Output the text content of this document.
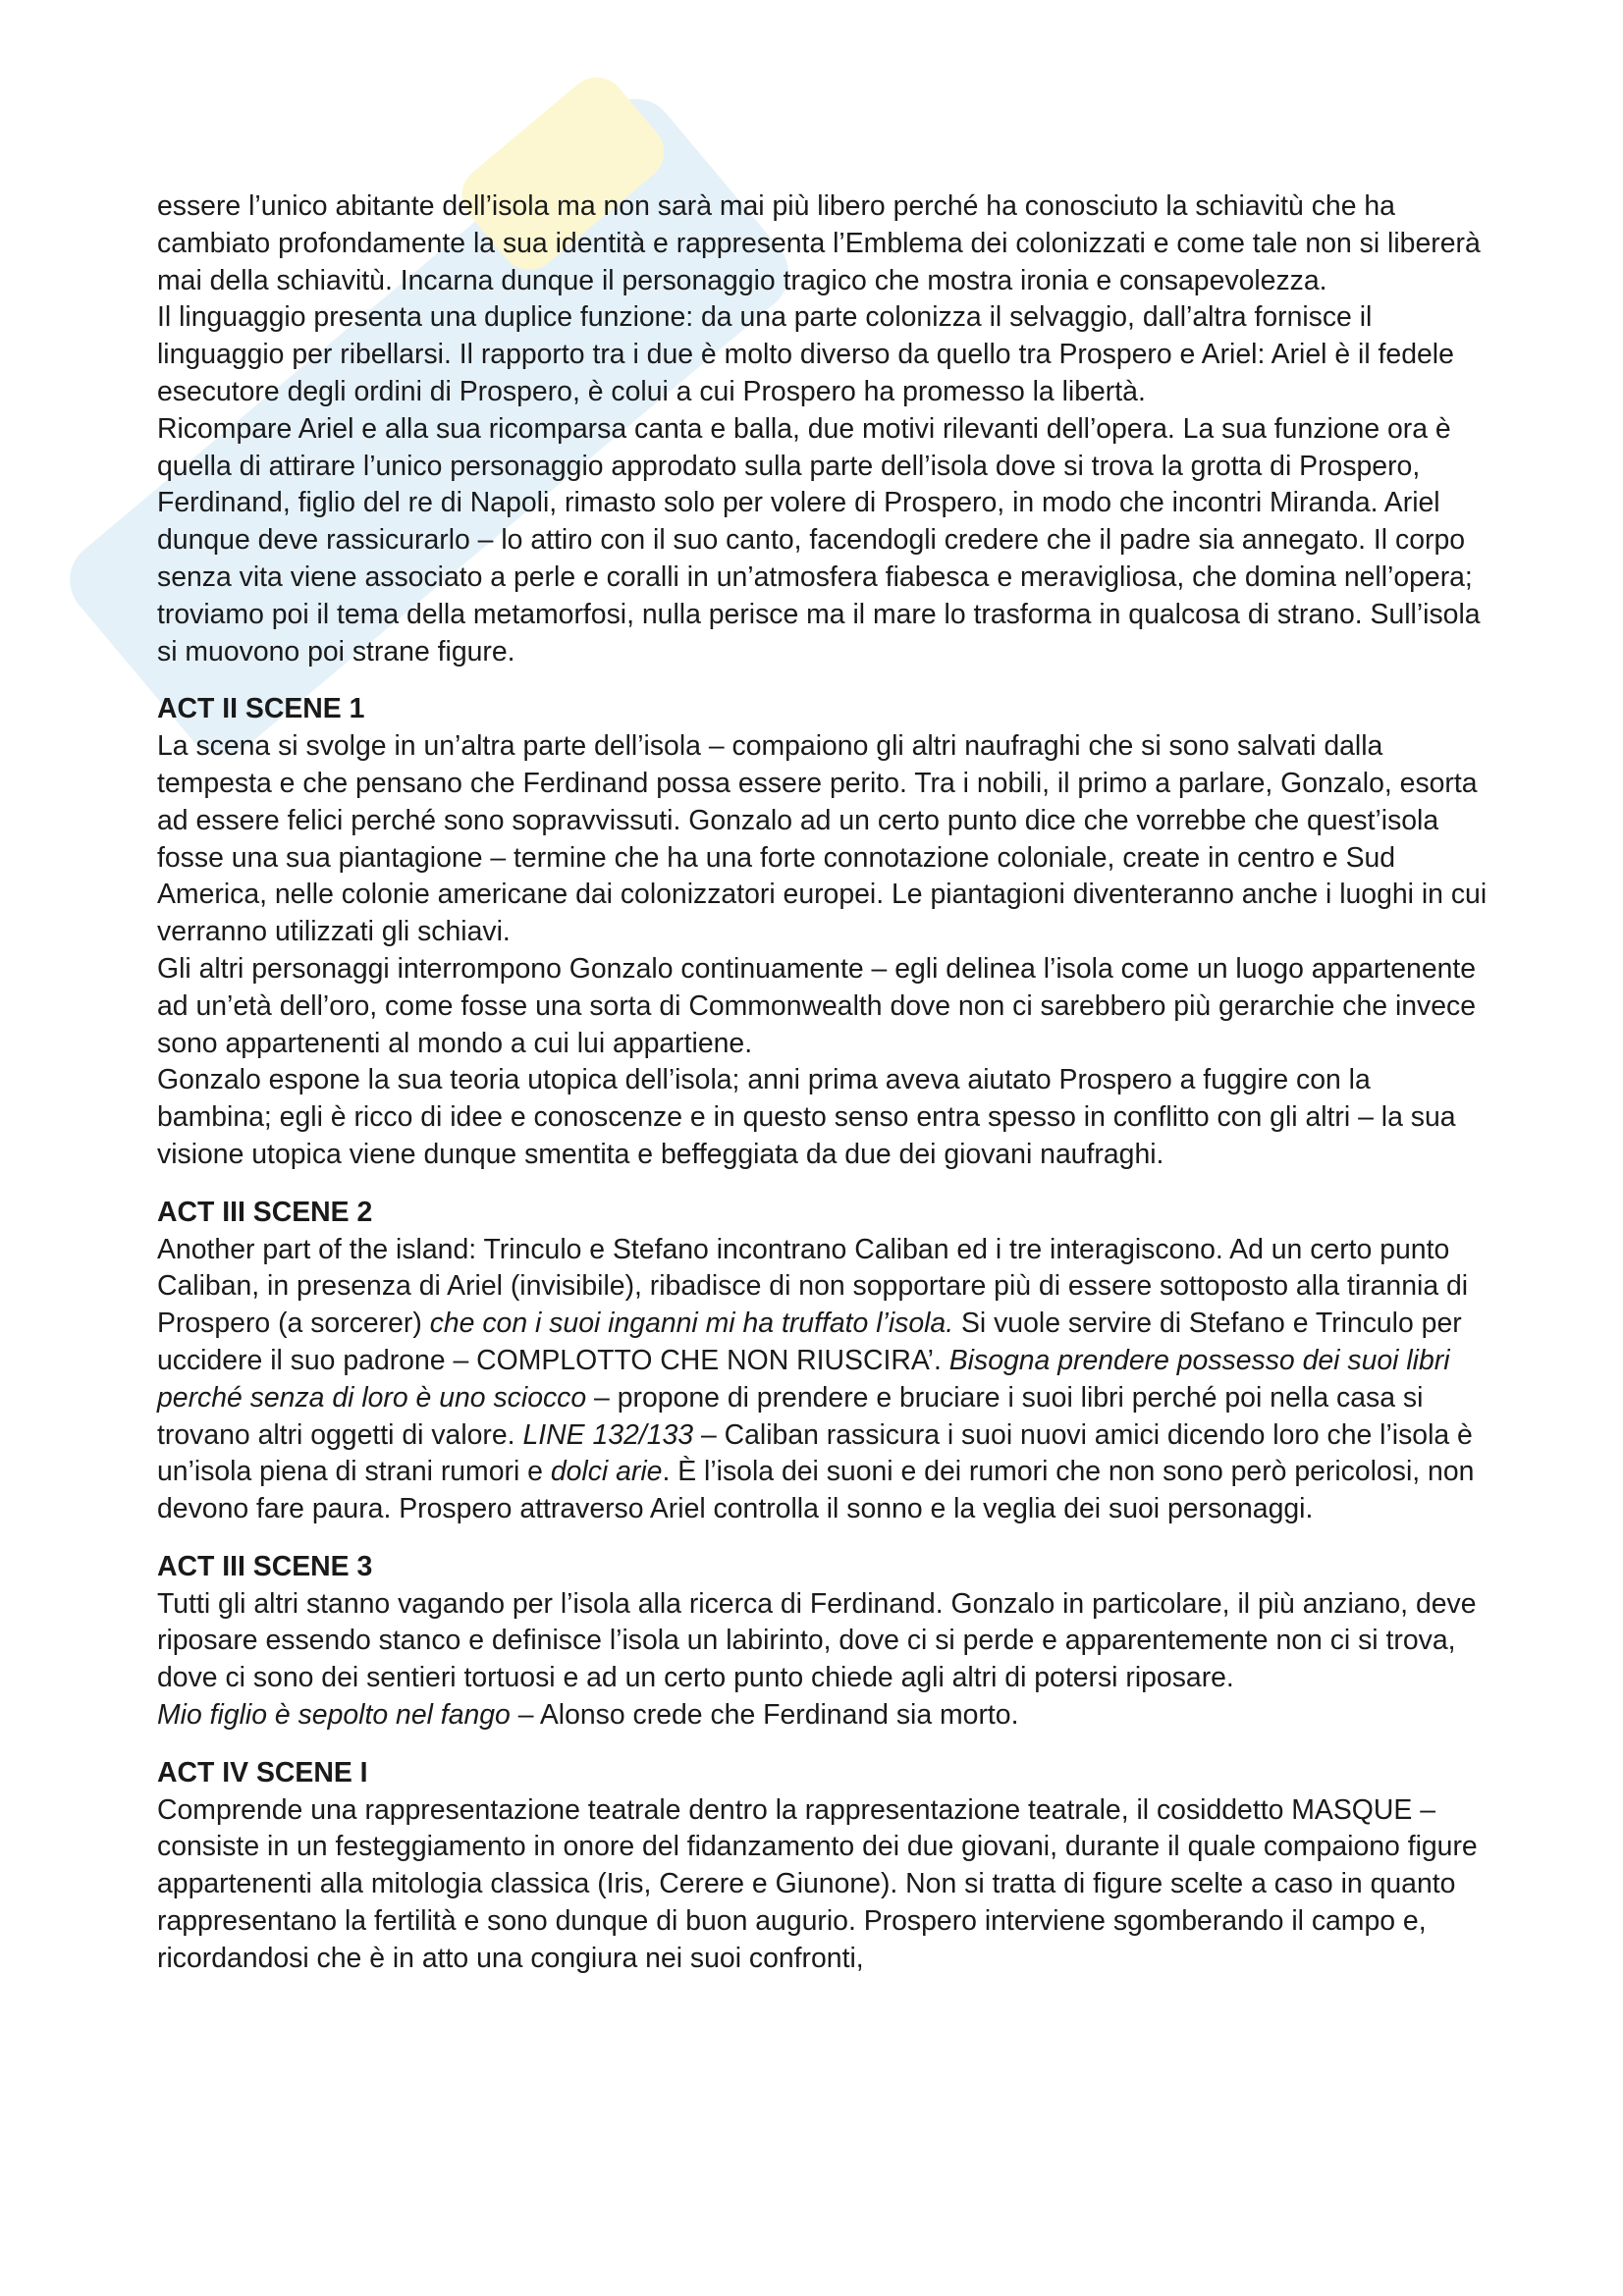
essere l’unico abitante dell’isola ma non sarà mai più libero perché ha conosciuto la schiavitù che ha cambiato profondamente la sua identità e rappresenta l’Emblema dei colonizzati e come tale non si libererà mai della schiavitù. Incarna dunque il personaggio tragico che mostra ironia e consapevolezza.

Il linguaggio presenta una duplice funzione: da una parte colonizza il selvaggio, dall’altra fornisce il linguaggio per ribellarsi. Il rapporto tra i due è molto diverso da quello tra Prospero e Ariel: Ariel è il fedele esecutore degli ordini di Prospero, è colui a cui Prospero ha promesso la libertà.

Ricompare Ariel e alla sua ricomparsa canta e balla, due motivi rilevanti dell’opera. La sua funzione ora è quella di attirare l’unico personaggio approdato sulla parte dell’isola dove si trova la grotta di Prospero, Ferdinand, figlio del re di Napoli, rimasto solo per volere di Prospero, in modo che incontri Miranda. Ariel dunque deve rassicurarlo – lo attiro con il suo canto, facendogli credere che il padre sia annegato. Il corpo senza vita viene associato a perle e coralli in un’atmosfera fiabesca e meravigliosa, che domina nell’opera; troviamo poi il tema della metamorfosi, nulla perisce ma il mare lo trasforma in qualcosa di strano. Sull’isola si muovono poi strane figure.

ACT II SCENE 1

La scena si svolge in un’altra parte dell’isola – compaiono gli altri naufraghi che si sono salvati dalla tempesta e che pensano che Ferdinand possa essere perito. Tra i nobili, il primo a parlare, Gonzalo, esorta ad essere felici perché sono sopravvissuti. Gonzalo ad un certo punto dice che vorrebbe che quest’isola fosse una sua piantagione – termine che ha una forte connotazione coloniale, create in centro e Sud America, nelle colonie americane dai colonizzatori europei. Le piantagioni diventeranno anche i luoghi in cui verranno utilizzati gli schiavi.

Gli altri personaggi interrompono Gonzalo continuamente – egli delinea l’isola come un luogo appartenente ad un’età dell’oro, come fosse una sorta di Commonwealth dove non ci sarebbero più gerarchie che invece sono appartenenti al mondo a cui lui appartiene.

Gonzalo espone la sua teoria utopica dell’isola; anni prima aveva aiutato Prospero a fuggire con la bambina; egli è ricco di idee e conoscenze e in questo senso entra spesso in conflitto con gli altri – la sua visione utopica viene dunque smentita e beffeggiata da due dei giovani naufraghi.

ACT III SCENE 2

Another part of the island: Trinculo e Stefano incontrano Caliban ed i tre interagiscono. Ad un certo punto Caliban, in presenza di Ariel (invisibile), ribadisce di non sopportare più di essere sottoposto alla tirannia di Prospero (a sorcerer) che con i suoi inganni mi ha truffato l’isola. Si vuole servire di Stefano e Trinculo per uccidere il suo padrone – COMPLOTTO CHE NON RIUSCIRA’. Bisogna prendere possesso dei suoi libri perché senza di loro è uno sciocco – propone di prendere e bruciare i suoi libri perché poi nella casa si trovano altri oggetti di valore. LINE 132/133 – Caliban rassicura i suoi nuovi amici dicendo loro che l’isola è un’isola piena di strani rumori e dolci arie. È l’isola dei suoni e dei rumori che non sono però pericolosi, non devono fare paura. Prospero attraverso Ariel controlla il sonno e la veglia dei suoi personaggi.

ACT III SCENE 3

Tutti gli altri stanno vagando per l’isola alla ricerca di Ferdinand. Gonzalo in particolare, il più anziano, deve riposare essendo stanco e definisce l’isola un labirinto, dove ci si perde e apparentemente non ci si trova, dove ci sono dei sentieri tortuosi e ad un certo punto chiede agli altri di potersi riposare.

Mio figlio è sepolto nel fango – Alonso crede che Ferdinand sia morto.

ACT IV SCENE I

Comprende una rappresentazione teatrale dentro la rappresentazione teatrale, il cosiddetto MASQUE – consiste in un festeggiamento in onore del fidanzamento dei due giovani, durante il quale compaiono figure appartenenti alla mitologia classica (Iris, Cerere e Giunone). Non si tratta di figure scelte a caso in quanto rappresentano la fertilità e sono dunque di buon augurio. Prospero interviene sgomberando il campo e, ricordandosi che è in atto una congiura nei suoi confronti,
